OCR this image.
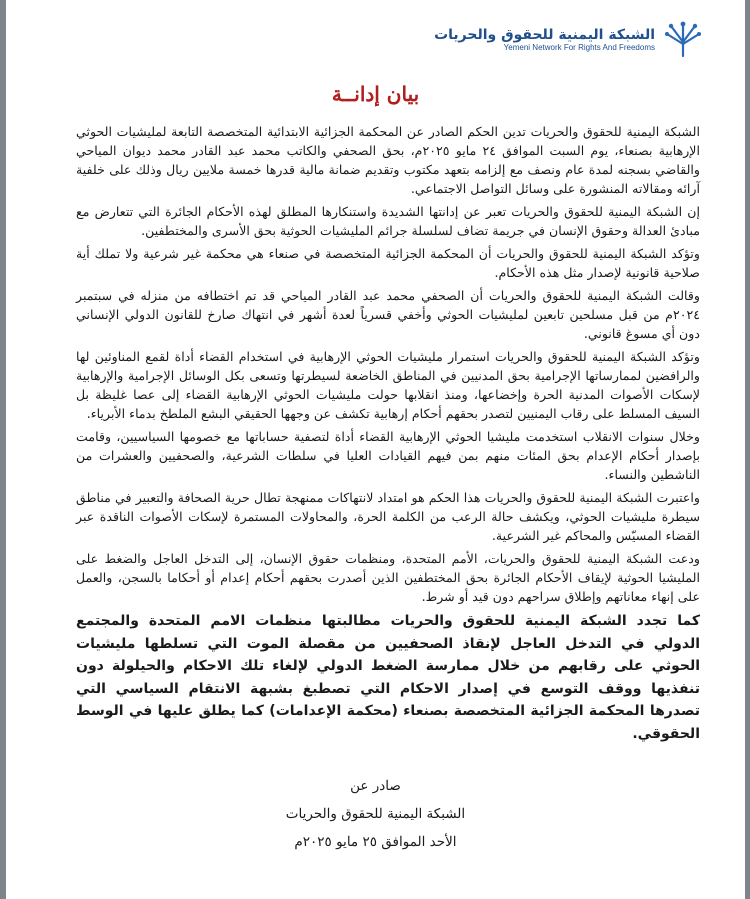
الشبكة اليمنية للحقوق والحريات
Yemeni Network For Rights And Freedoms
بيان إدانــة

الشبكة اليمنية للحقوق والحريات تدين الحكم الصادر عن المحكمة الجزائية الابتدائية المتخصصة التابعة لمليشيات الحوثي الإرهابية بصنعاء، يوم السبت الموافق ٢٤ مايو ٢٠٢٥م، بحق الصحفي والكاتب محمد عبد القادر محمد ديوان المياحي والقاضي بسجنه لمدة عام ونصف مع إلزامه بتعهد مكتوب وتقديم ضمانة مالية قدرها خمسة ملايين ريال وذلك على خلفية آرائه ومقالاته المنشورة على وسائل التواصل الاجتماعي.

إن الشبكة اليمنية للحقوق والحريات تعبر عن إدانتها الشديدة واستنكارها المطلق لهذه الأحكام الجائرة التي تتعارض مع مبادئ العدالة وحقوق الإنسان في جريمة تضاف لسلسلة جرائم المليشيات الحوثية بحق الأسرى والمختطفين.

وتؤكد الشبكة اليمنية للحقوق والحريات أن المحكمة الجزائية المتخصصة في صنعاء هي محكمة غير شرعية ولا تملك أية صلاحية قانونية لإصدار مثل هذه الأحكام.

وقالت الشبكة اليمنية للحقوق والحريات أن الصحفي محمد عبد القادر المياحي قد تم اختطافه من منزله في سبتمبر ٢٠٢٤م من قبل مسلحين تابعين لمليشيات الحوثي وأخفي قسرياً لعدة أشهر في انتهاك صارخ للقانون الدولي الإنساني دون أي مسوغ قانوني.

وتؤكد الشبكة اليمنية للحقوق والحريات استمرار مليشيات الحوثي الإرهابية في استخدام القضاء أداة لقمع المناوئين لها والرافضين لممارساتها الإجرامية بحق المدنيين في المناطق الخاضعة لسيطرتها وتسعى بكل الوسائل الإجرامية والإرهابية لإسكات الأصوات المدنية الحرة وإخضاعها، ومنذ انقلابها حولت مليشيات الحوثي الإرهابية القضاء إلى عصا غليظة بل السيف المسلط على رقاب اليمنيين لتصدر بحقهم أحكام إرهابية تكشف عن وجهها الحقيقي البشع الملطخ بدماء الأبرياء.

وخلال سنوات الانقلاب استخدمت مليشيا الحوثي الإرهابية القضاء أداة لتصفية حساباتها مع خصومها السياسيين، وقامت بإصدار أحكام الإعدام بحق المئات منهم بمن فيهم القيادات العليا في سلطات الشرعية، والصحفيين والعشرات من الناشطين والنساء.

واعتبرت الشبكة اليمنية للحقوق والحريات هذا الحكم هو امتداد لانتهاكات ممنهجة تطال حرية الصحافة والتعبير في مناطق سيطرة مليشيات الحوثي، ويكشف حالة الرعب من الكلمة الحرة، والمحاولات المستمرة لإسكات الأصوات الناقدة عبر القضاء المسيّس والمحاكم غير الشرعية.

ودعت الشبكة اليمنية للحقوق والحريات، الأمم المتحدة، ومنظمات حقوق الإنسان، إلى التدخل العاجل والضغط على المليشيا الحوثية لإيقاف الأحكام الجائرة بحق المختطفين الذين أصدرت بحقهم أحكام إعدام أو أحكاما بالسجن، والعمل على إنهاء معاناتهم وإطلاق سراحهم دون قيد أو شرط.

كما تجدد الشبكة اليمنية للحقوق والحريات مطالبتها منظمات الامم المتحدة والمجتمع الدولي في التدخل العاجل لإنقاذ الصحفيين من مقصلة الموت التي تسلطها مليشيات الحوثي على رقابهم من خلال ممارسة الضغط الدولي لإلغاء تلك الاحكام والحيلولة دون تنفذيها ووقف التوسع في إصدار الاحكام التي تصطبغ بشبهة الانتقام السياسي التي تصدرها المحكمة الجزائية المتخصصة بصنعاء (محكمة الإعدامات) كما يطلق عليها في الوسط الحقوقي.

صادر عن
الشبكة اليمنية للحقوق والحريات
الأحد الموافق ٢٥ مايو ٢٠٢٥م
